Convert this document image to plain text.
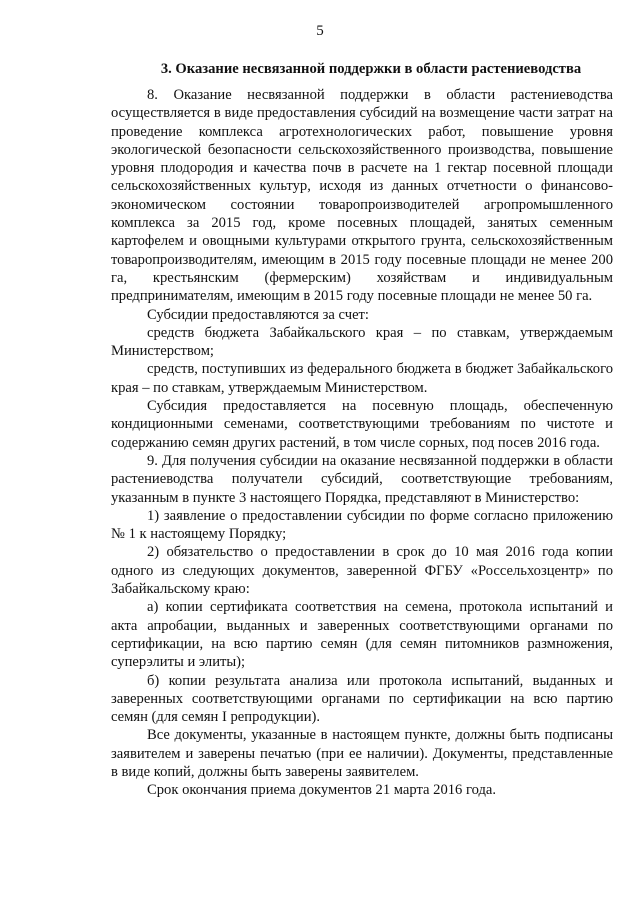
5
3. Оказание несвязанной поддержки в области растениеводства

8. Оказание несвязанной поддержки в области растениеводства осуществляется в виде предоставления субсидий на возмещение части затрат на проведение комплекса агротехнологических работ, повышение уровня экологической безопасности сельскохозяйственного производства, повышение уровня плодородия и качества почв в расчете на 1 гектар посевной площади сельскохозяйственных культур, исходя из данных отчетности о финансово-экономическом состоянии товаропроизводителей агропромышленного комплекса за 2015 год, кроме посевных площадей, занятых семенным картофелем и овощными культурами открытого грунта, сельскохозяйственным товаропроизводителям, имеющим в 2015 году посевные площади не менее 200 га, крестьянским (фермерским) хозяйствам и индивидуальным предпринимателям, имеющим в 2015 году посевные площади не менее 50 га.

Субсидии предоставляются за счет:

средств бюджета Забайкальского края – по ставкам, утверждаемым Министерством;

средств, поступивших из федерального бюджета в бюджет Забайкальского края – по ставкам, утверждаемым Министерством.

Субсидия предоставляется на посевную площадь, обеспеченную кондиционными семенами, соответствующими требованиям по чистоте и содержанию семян других растений, в том числе сорных, под посев 2016 года.

9. Для получения субсидии на оказание несвязанной поддержки в области растениеводства получатели субсидий, соответствующие требованиям, указанным в пункте 3 настоящего Порядка, представляют в Министерство:

1) заявление о предоставлении субсидии по форме согласно приложению № 1 к настоящему Порядку;

2) обязательство о предоставлении в срок до 10 мая 2016 года копии одного из следующих документов, заверенной ФГБУ «Россельхозцентр» по Забайкальскому краю:

а) копии сертификата соответствия на семена, протокола испытаний и акта апробации, выданных и заверенных соответствующими органами по сертификации, на всю партию семян (для семян питомников размножения, суперэлиты и элиты);

б) копии результата анализа или протокола испытаний, выданных и заверенных соответствующими органами по сертификации на всю партию семян (для семян I репродукции).

Все документы, указанные в настоящем пункте, должны быть подписаны заявителем и заверены печатью (при ее наличии). Документы, представленные в виде копий, должны быть заверены заявителем.

Срок окончания приема документов 21 марта 2016 года.
